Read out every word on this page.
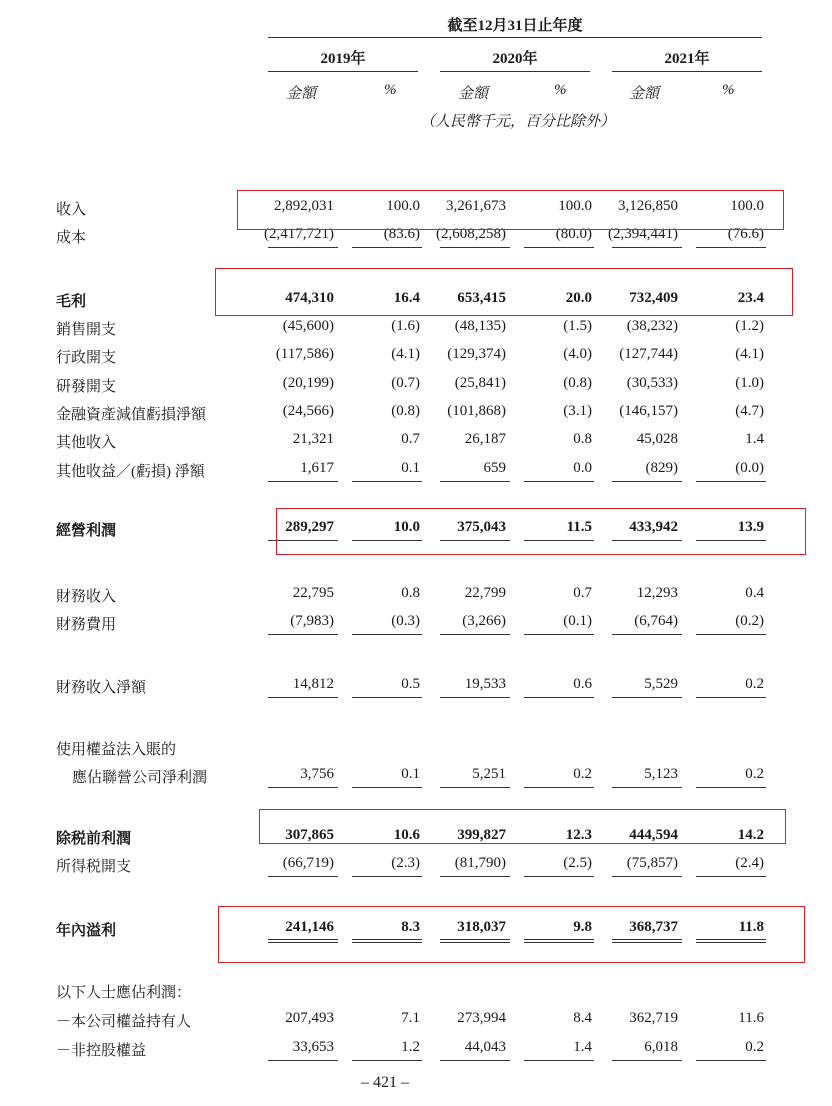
截至12月31日止年度
2019年	2020年	2021年
金額	%	金額	%	金額	%
（人民幣千元，百分比除外）
收入	2,892,031	100.0	3,261,673	100.0	3,126,850	100.0
成本	(2,417,721)	(83.6)	(2,608,258)	(80.0)	(2,394,441)	(76.6)
毛利	474,310	16.4	653,415	20.0	732,409	23.4
銷售開支	(45,600)	(1.6)	(48,135)	(1.5)	(38,232)	(1.2)
行政開支	(117,586)	(4.1)	(129,374)	(4.0)	(127,744)	(4.1)
研發開支	(20,199)	(0.7)	(25,841)	(0.8)	(30,533)	(1.0)
金融資產減值虧損淨額	(24,566)	(0.8)	(101,868)	(3.1)	(146,157)	(4.7)
其他收入	21,321	0.7	26,187	0.8	45,028	1.4
其他收益／(虧損) 淨額	1,617	0.1	659	0.0	(829)	(0.0)
經營利潤	289,297	10.0	375,043	11.5	433,942	13.9
財務收入	22,795	0.8	22,799	0.7	12,293	0.4
財務費用	(7,983)	(0.3)	(3,266)	(0.1)	(6,764)	(0.2)
財務收入淨額	14,812	0.5	19,533	0.6	5,529	0.2
使用權益法入賬的
應佔聯營公司淨利潤	3,756	0.1	5,251	0.2	5,123	0.2
除税前利潤	307,865	10.6	399,827	12.3	444,594	14.2
所得税開支	(66,719)	(2.3)	(81,790)	(2.5)	(75,857)	(2.4)
年內溢利	241,146	8.3	318,037	9.8	368,737	11.8
以下人士應佔利潤：
－本公司權益持有人	207,493	7.1	273,994	8.4	362,719	11.6
－非控股權益	33,653	1.2	44,043	1.4	6,018	0.2
– 421 –
